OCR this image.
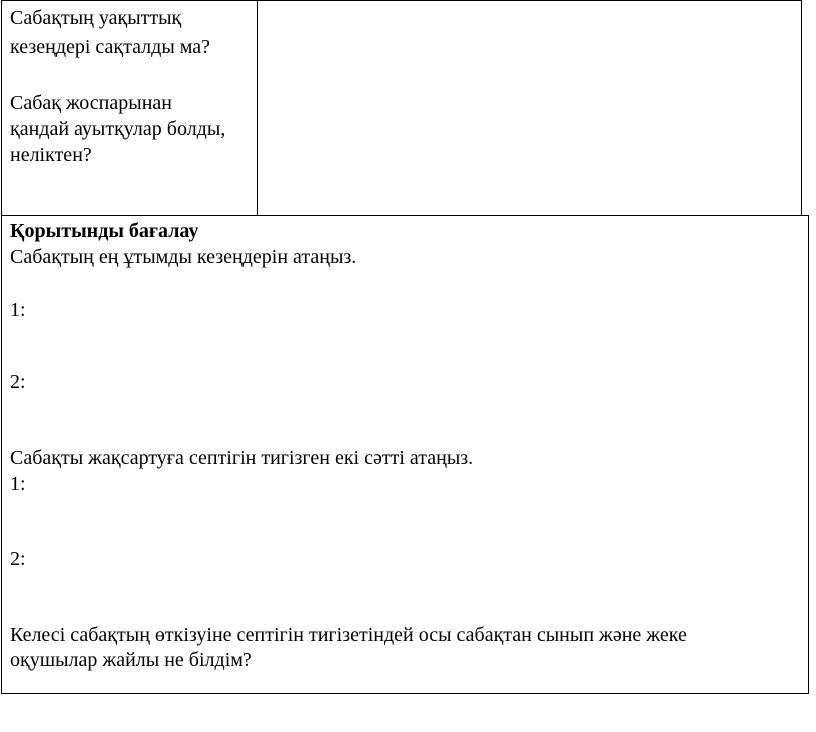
Сабақтың уақыттық
кезеңдері сақталды ма?
Сабақ жоспарынан
қандай ауытқулар болды,
неліктен?
Қорытынды бағалау
Сабақтың ең ұтымды кезеңдерін атаңыз.
1:
2:
Сабақты жақсартуға септігін тигізген екі сәтті атаңыз.
1:
2:
Келесі сабақтың өткізуіне септігін тигізетіндей осы сабақтан сынып және жеке
оқушылар жайлы не білдім?
